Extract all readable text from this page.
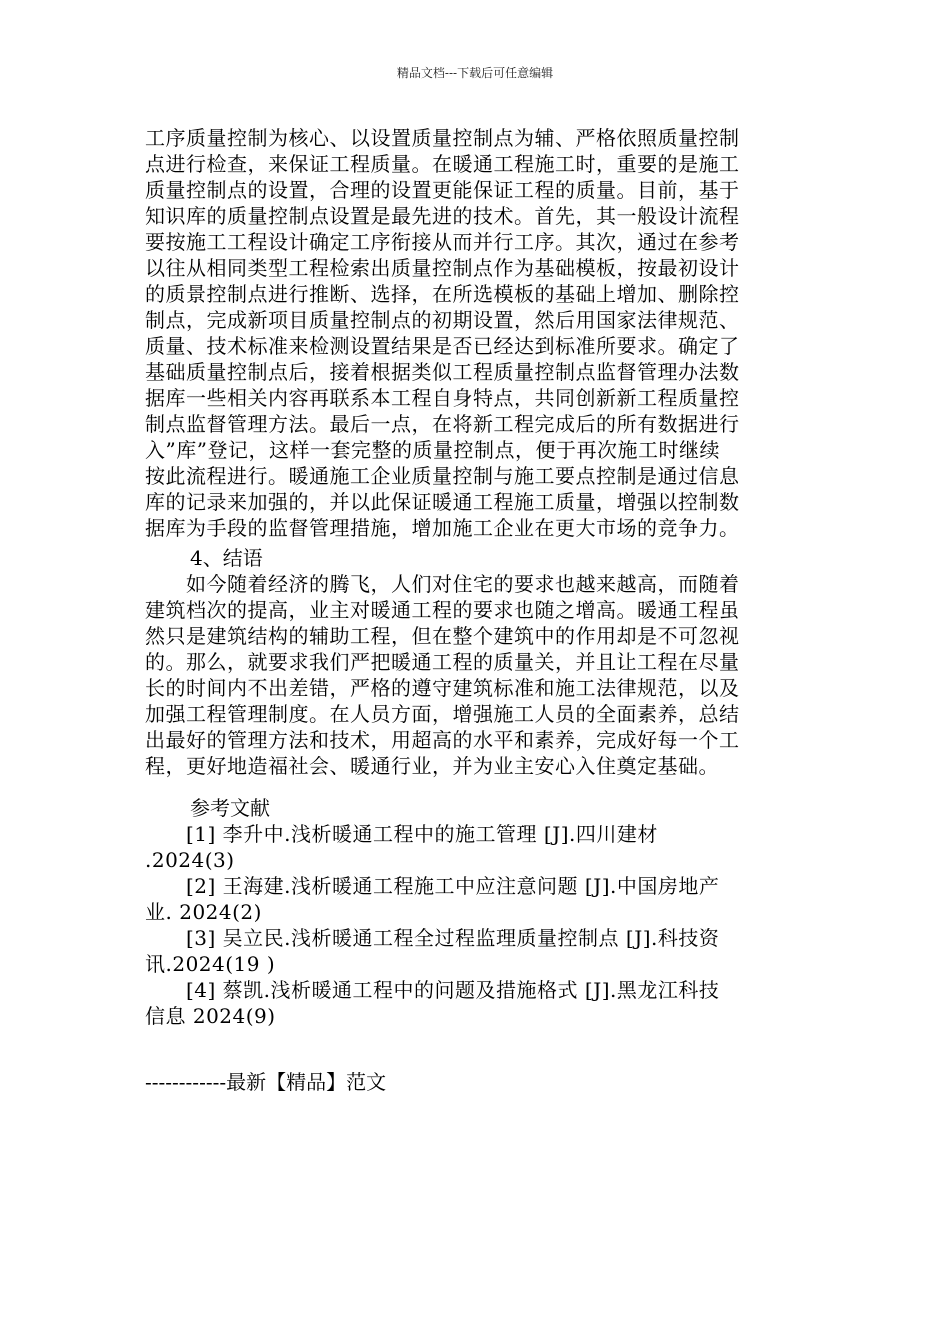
精品文档---下载后可任意编辑
工序质量控制为核心、以设置质量控制点为辅、严格依照质量控制
点进行检查，来保证工程质量。在暖通工程施工时，重要的是施工
质量控制点的设置，合理的设置更能保证工程的质量。目前，基于
知识库的质量控制点设置是最先进的技术。首先，其一般设计流程
要按施工工程设计确定工序衔接从而并行工序。其次，通过在参考
以往从相同类型工程检索出质量控制点作为基础模板，按最初设计
的质景控制点进行推断、选择，在所选模板的基础上增加、删除控
制点，完成新项目质量控制点的初期设置，然后用国家法律规范、
质量、技术标准来检测设置结果是否已经达到标准所要求。确定了
基础质量控制点后，接着根据类似工程质量控制点监督管理办法数
据库一些相关内容再联系本工程自身特点，共同创新新工程质量控
制点监督管理方法。最后一点，在将新工程完成后的所有数据进行
入”库”登记，这样一套完整的质量控制点，便于再次施工时继续
按此流程进行。暖通施工企业质量控制与施工要点控制是通过信息
库的记录来加强的，并以此保证暖通工程施工质量，增强以控制数
据库为手段的监督管理措施，增加施工企业在更大市场的竞争力。
4、结语
　　如今随着经济的腾飞，人们对住宅的要求也越来越高，而随着
建筑档次的提高，业主对暖通工程的要求也随之增高。暖通工程虽
然只是建筑结构的辅助工程，但在整个建筑中的作用却是不可忽视
的。那么，就要求我们严把暖通工程的质量关，并且让工程在尽量
长的时间内不出差错，严格的遵守建筑标准和施工法律规范，以及
加强工程管理制度。在人员方面，增强施工人员的全面素养，总结
出最好的管理方法和技术，用超高的水平和素养，完成好每一个工
程，更好地造福社会、暖通行业，并为业主安心入住奠定基础。
参考文献
　　[1] 李升中.浅析暖通工程中的施工管理 [J].四川建材
.2024(3)
　　[2] 王海建.浅析暖通工程施工中应注意问题 [J].中国房地产
业. 2024(2)
　　[3] 吴立民.浅析暖通工程全过程监理质量控制点 [J].科技资
讯.2024(19 )
　　[4] 蔡凯.浅析暖通工程中的问题及措施格式 [J].黑龙江科技
信息 2024(9)
------------最新【精品】范文
